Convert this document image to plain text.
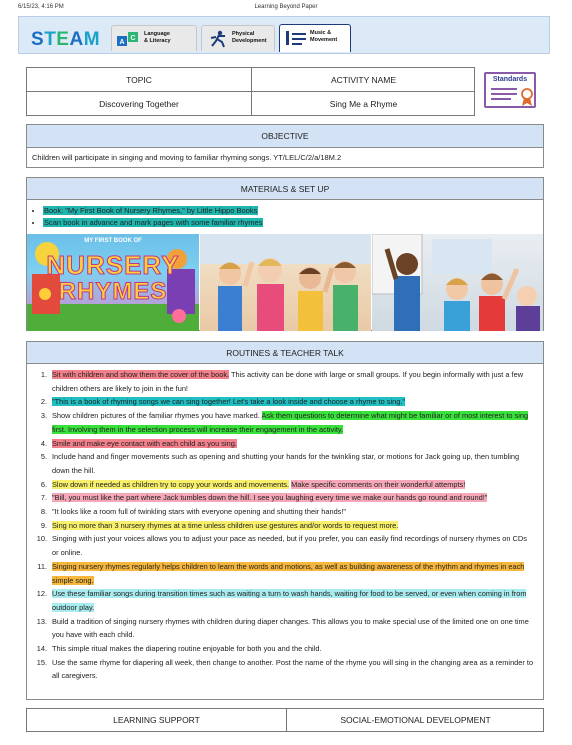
6/15/23, 4:16 PM	Learning Beyond Paper
STEAM	A
C
Language
& Literacy
Physical
Development
Music &
Movement
TOPIC	ACTIVITY NAME
Discovering Together	Sing Me a Rhyme
Standards
OBJECTIVE
Children will participate in singing and moving to familiar rhyming songs. YT/LEL/C/2/a/18M.2
MATERIALS & SET UP
• Book: "My First Book of Nursery Rhymes," by Little Hippo Books
• Scan book in advance and mark pages with some familiar rhymes
MY FIRST BOOK OF
NURSERY
RHYMES
ROUTINES & TEACHER TALK
1. Sit with children and show them the cover of the book. This activity can be done with large or small groups. If you begin informally with just a few children others are likely to join in the fun!
2. "This is a book of rhyming songs we can sing together! Let's take a look inside and choose a rhyme to sing."
3. Show children pictures of the familiar rhymes you have marked. Ask them questions to determine what might be familiar or of most interest to sing first. Involving them in the selection process will increase their engagement in the activity.
4. Smile and make eye contact with each child as you sing.
5. Include hand and finger movements such as opening and shutting your hands for the twinkling star, or motions for Jack going up, then tumbling down the hill.
6. Slow down if needed as children try to copy your words and movements. Make specific comments on their wonderful attempts!
7. "Bill, you must like the part where Jack tumbles down the hill. I see you laughing every time we make our hands go round and round!"
8. "It looks like a room full of twinkling stars with everyone opening and shutting their hands!"
9. Sing no more than 3 nursery rhymes at a time unless children use gestures and/or words to request more.
10. Singing with just your voices allows you to adjust your pace as needed, but if you prefer, you can easily find recordings of nursery rhymes on CDs or online.
11. Singing nursery rhymes regularly helps children to learn the words and motions, as well as building awareness of the rhythm and rhymes in each simple song.
12. Use these familiar songs during transition times such as waiting a turn to wash hands, waiting for food to be served, or even when coming in from outdoor play.
13. Build a tradition of singing nursery rhymes with children during diaper changes. This allows you to make special use of the limited one on one time you have with each child.
14. This simple ritual makes the diapering routine enjoyable for both you and the child.
15. Use the same rhyme for diapering all week, then change to another. Post the name of the rhyme you will sing in the changing area as a reminder to all caregivers.
LEARNING SUPPORT	SOCIAL-EMOTIONAL DEVELOPMENT
